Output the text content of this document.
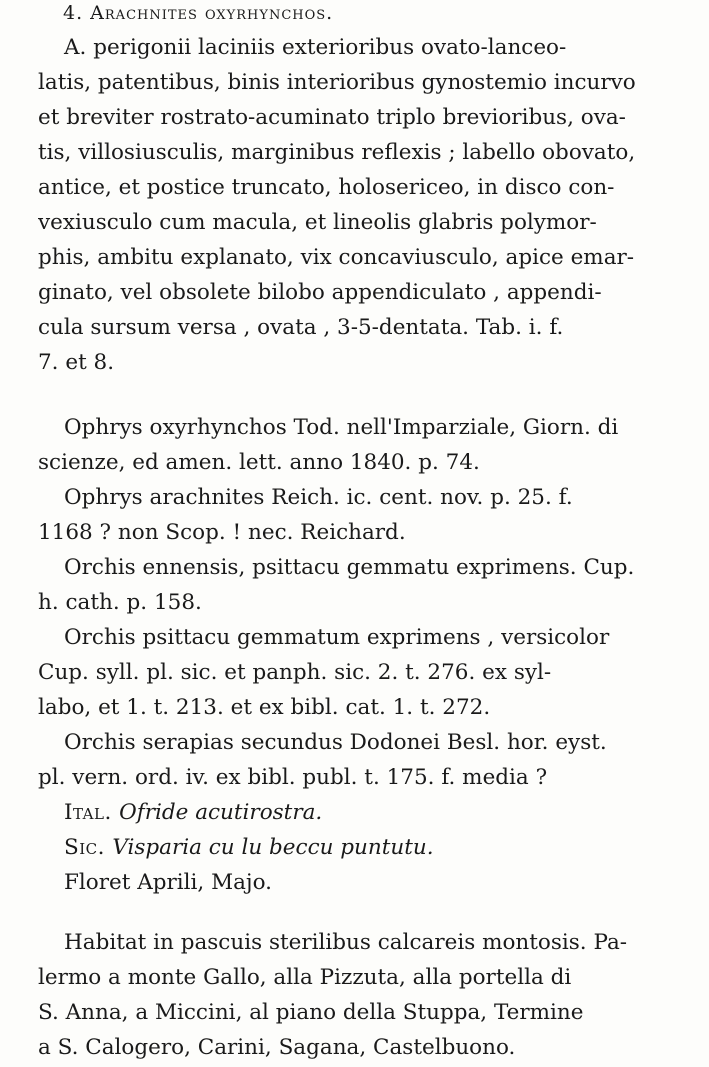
4. Arachnites oxyrhynchos.
A. perigonii laciniis exterioribus ovato-lanceo-
latis, patentibus, binis interioribus gynostemio incurvo
et breviter rostrato-acuminato triplo brevioribus, ova-
tis, villosiusculis, marginibus reflexis ; labello obovato,
antice, et postice truncato, holosericeo, in disco con-
vexiusculo cum macula, et lineolis glabris polymor-
phis, ambitu explanato, vix concaviusculo, apice emar-
ginato, vel obsolete bilobo appendiculato , appendi-
cula sursum versa , ovata , 3-5-dentata. Tab. i. f.
7. et 8.
Ophrys oxyrhynchos Tod. nell'Imparziale, Giorn. di
scienze, ed amen. lett. anno 1840. p. 74.
Ophrys arachnites Reich. ic. cent. nov. p. 25. f.
1168 ? non Scop. ! nec. Reichard.
Orchis ennensis, psittacu gemmatu exprimens. Cup.
h. cath. p. 158.
Orchis psittacu gemmatum exprimens , versicolor
Cup. syll. pl. sic. et panph. sic. 2. t. 276. ex syl-
labo, et 1. t. 213. et ex bibl. cat. 1. t. 272.
Orchis serapias secundus Dodonei Besl. hor. eyst.
pl. vern. ord. iv. ex bibl. publ. t. 175. f. media ?
Ital. Ofride acutirostra.
Sic. Visparia cu lu beccu puntutu.
Floret Aprili, Majo.
Habitat in pascuis sterilibus calcareis montosis. Pa-
lermo a monte Gallo, alla Pizzuta, alla portella di
S. Anna, a Miccini, al piano della Stuppa, Termine
a S. Calogero, Carini, Sagana, Castelbuono.
